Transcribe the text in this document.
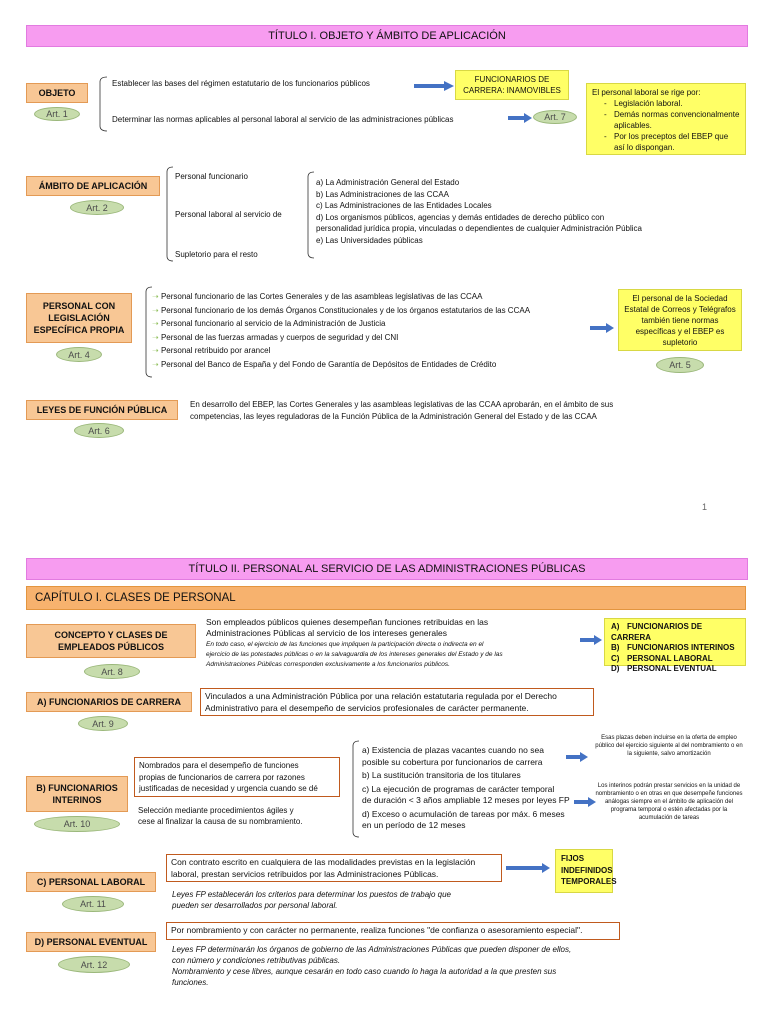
TÍTULO I. OBJETO Y ÁMBITO DE APLICACIÓN
OBJETO
Art. 1
Establecer las bases del régimen estatutario de los funcionarios públicos
Determinar las normas aplicables al personal laboral al servicio de las administraciones públicas
FUNCIONARIOS DE CARRERA: INAMOVIBLES
Art. 7
El personal laboral se rige por:
- Legislación laboral.
- Demás normas convencionalmente aplicables.
- Por los preceptos del EBEP que así lo dispongan.
ÁMBITO DE APLICACIÓN
Art. 2
Personal funcionario
Personal laboral al servicio de
Supletorio para el resto
a) La Administración General del Estado
b) Las Administraciones de las CCAA
c) Las Administraciones de las Entidades Locales
d) Los organismos públicos, agencias y demás entidades de derecho público con
personalidad jurídica propia, vinculadas o dependientes de cualquier Administración Pública
e) Las Universidades públicas
PERSONAL CON LEGISLACIÓN ESPECÍFICA PROPIA
Art. 4
➝ Personal funcionario de las Cortes Generales y de las asambleas legislativas de las CCAA
➝ Personal funcionario de los demás Órganos Constitucionales y de los órganos estatutarios de las CCAA
➝ Personal funcionario al servicio de la Administración de Justicia
➝ Personal de las fuerzas armadas y cuerpos de seguridad y del CNI
➝ Personal retribuido por arancel
➝ Personal del Banco de España y del Fondo de Garantía de Depósitos de Entidades de Crédito
El personal de la Sociedad Estatal de Correos y Telégrafos también tiene normas específicas y el EBEP es supletorio
Art. 5
LEYES DE FUNCIÓN PÚBLICA
Art. 6
En desarrollo del EBEP, las Cortes Generales y las asambleas legislativas de las CCAA aprobarán, en el ámbito de sus
competencias, las leyes reguladoras de la Función Pública de la Administración General del Estado y de las CCAA
1
TÍTULO II. PERSONAL AL SERVICIO DE LAS ADMINISTRACIONES PÚBLICAS
CAPÍTULO I. CLASES DE PERSONAL
CONCEPTO Y CLASES DE EMPLEADOS PÚBLICOS
Art. 8
Son empleados públicos quienes desempeñan funciones retribuidas en las
Administraciones Públicas al servicio de los intereses generales
En todo caso, el ejercicio de las funciones que impliquen la participación directa o indirecta en el
ejercicio de las potestades públicas o en la salvaguardia de los intereses generales del Estado y de las
Administraciones Públicas corresponden exclusivamente a los funcionarios públicos.
A) FUNCIONARIOS DE CARRERA
B) FUNCIONARIOS INTERINOS
C) PERSONAL LABORAL
D) PERSONAL EVENTUAL
A) FUNCIONARIOS DE CARRERA
Art. 9
Vinculados a una Administración Pública por una relación estatutaria regulada por el Derecho
Administrativo para el desempeño de servicios profesionales de carácter permanente.
B) FUNCIONARIOS INTERINOS
Art. 10
Nombrados para el desempeño de funciones
propias de funcionarios de carrera por razones
justificadas de necesidad y urgencia cuando se dé
Selección mediante procedimientos ágiles y
cese al finalizar la causa de su nombramiento.
a) Existencia de plazas vacantes cuando no sea
posible su cobertura por funcionarios de carrera
b) La sustitución transitoria de los titulares
c) La ejecución de programas de carácter temporal
de duración < 3 años ampliable 12 meses por leyes FP
d) Exceso o acumulación de tareas por máx. 6 meses
en un período de 12 meses
Esas plazas deben incluirse en la oferta de empleo público del ejercicio siguiente al del nombramiento o en la siguiente, salvo amortización
Los interinos podrán prestar servicios en la unidad de nombramiento o en otras en que desempeñe funciones análogas siempre en el ámbito de aplicación del programa temporal o estén afectadas por la acumulación de tareas
C) PERSONAL LABORAL
Art. 11
Con contrato escrito en cualquiera de las modalidades previstas en la legislación
laboral, prestan servicios retribuidos por las Administraciones Públicas.
Leyes FP establecerán los criterios para determinar los puestos de trabajo que
pueden ser desarrollados por personal laboral.
FIJOS
INDEFINIDOS
TEMPORALES
D) PERSONAL EVENTUAL
Art. 12
Por nombramiento y con carácter no permanente, realiza funciones "de confianza o asesoramiento especial".
Leyes FP determinarán los órganos de gobierno de las Administraciones Públicas que pueden disponer de ellos,
con número y condiciones retributivas públicas.
Nombramiento y cese libres, aunque cesarán en todo caso cuando lo haga la autoridad a la que presten sus
funciones.
